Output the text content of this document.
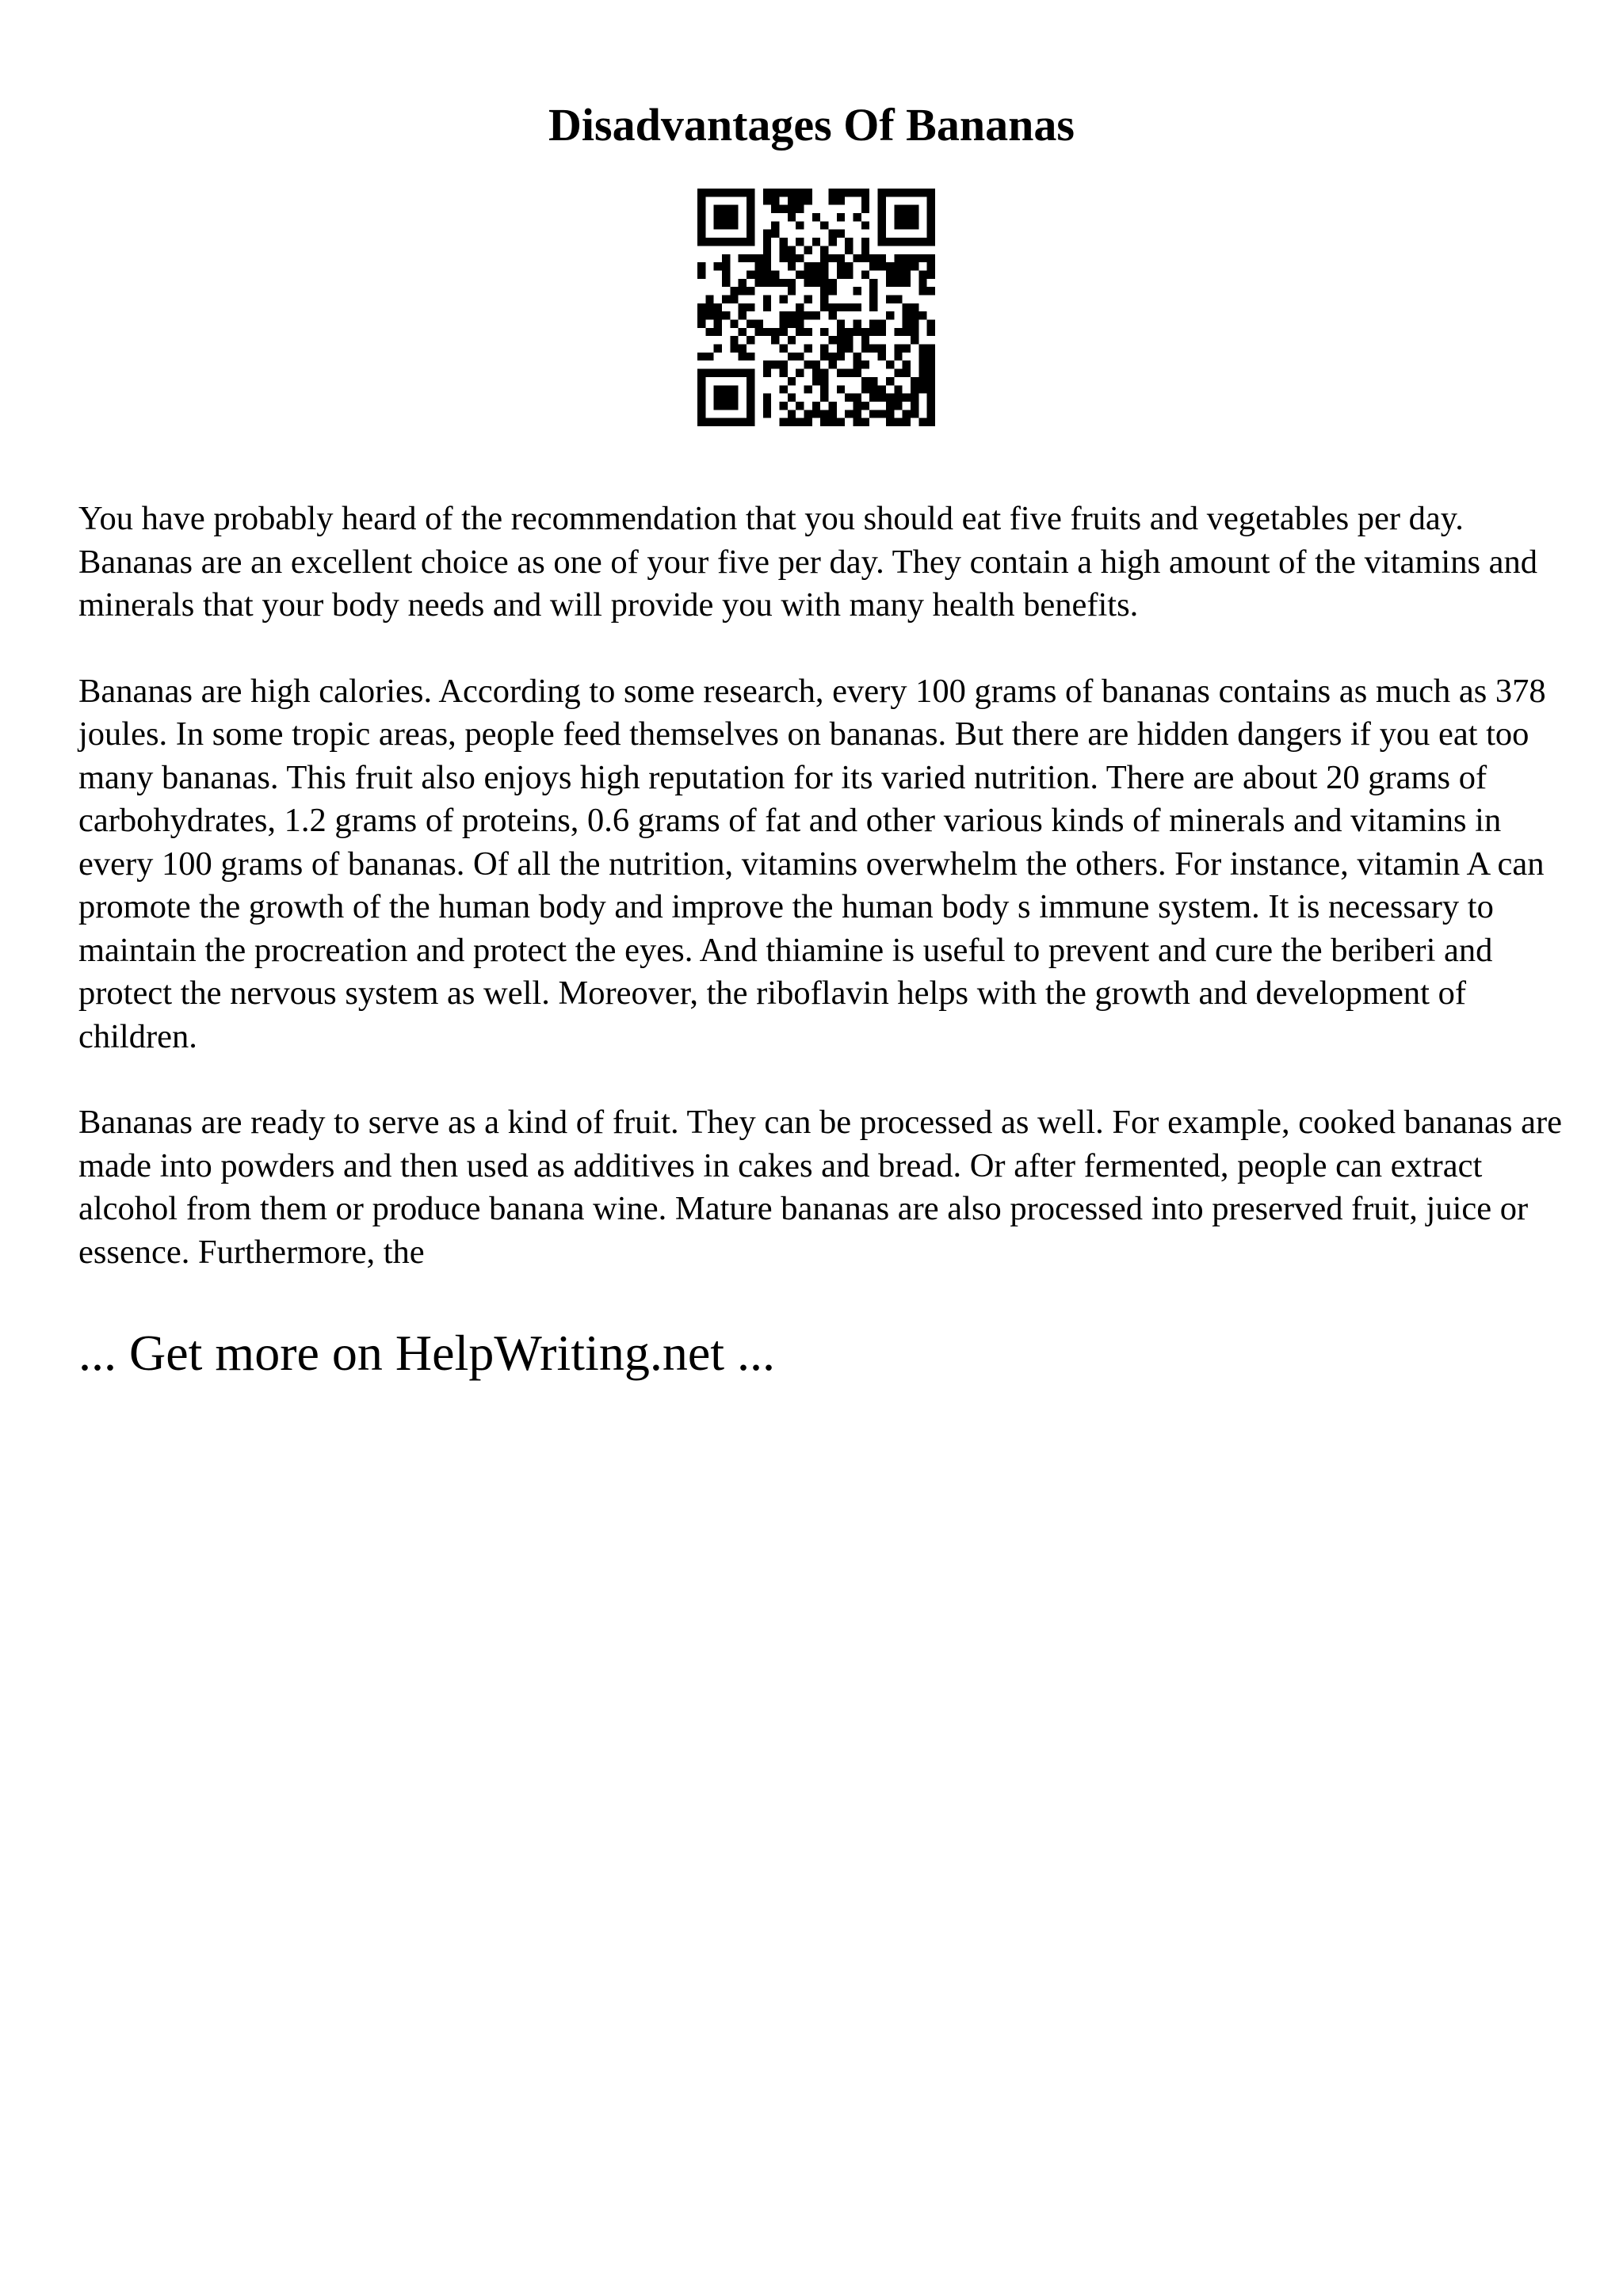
Disadvantages Of Bananas

You have probably heard of the recommendation that you should eat five fruits and vegetables per day. Bananas are an excellent choice as one of your five per day. They contain a high amount of the vitamins and minerals that your body needs and will provide you with many health benefits.

Bananas are high calories. According to some research, every 100 grams of bananas contains as much as 378 joules. In some tropic areas, people feed themselves on bananas. But there are hidden dangers if you eat too many bananas. This fruit also enjoys high reputation for its varied nutrition. There are about 20 grams of carbohydrates, 1.2 grams of proteins, 0.6 grams of fat and other various kinds of minerals and vitamins in every 100 grams of bananas. Of all the nutrition, vitamins overwhelm the others. For instance, vitamin A can promote the growth of the human body and improve the human body s immune system. It is necessary to maintain the procreation and protect the eyes. And thiamine is useful to prevent and cure the beriberi and protect the nervous system as well. Moreover, the riboflavin helps with the growth and development of children.

Bananas are ready to serve as a kind of fruit. They can be processed as well. For example, cooked bananas are made into powders and then used as additives in cakes and bread. Or after fermented, people can extract alcohol from them or produce banana wine. Mature bananas are also processed into preserved fruit, juice or essence. Furthermore, the

... Get more on HelpWriting.net ...
